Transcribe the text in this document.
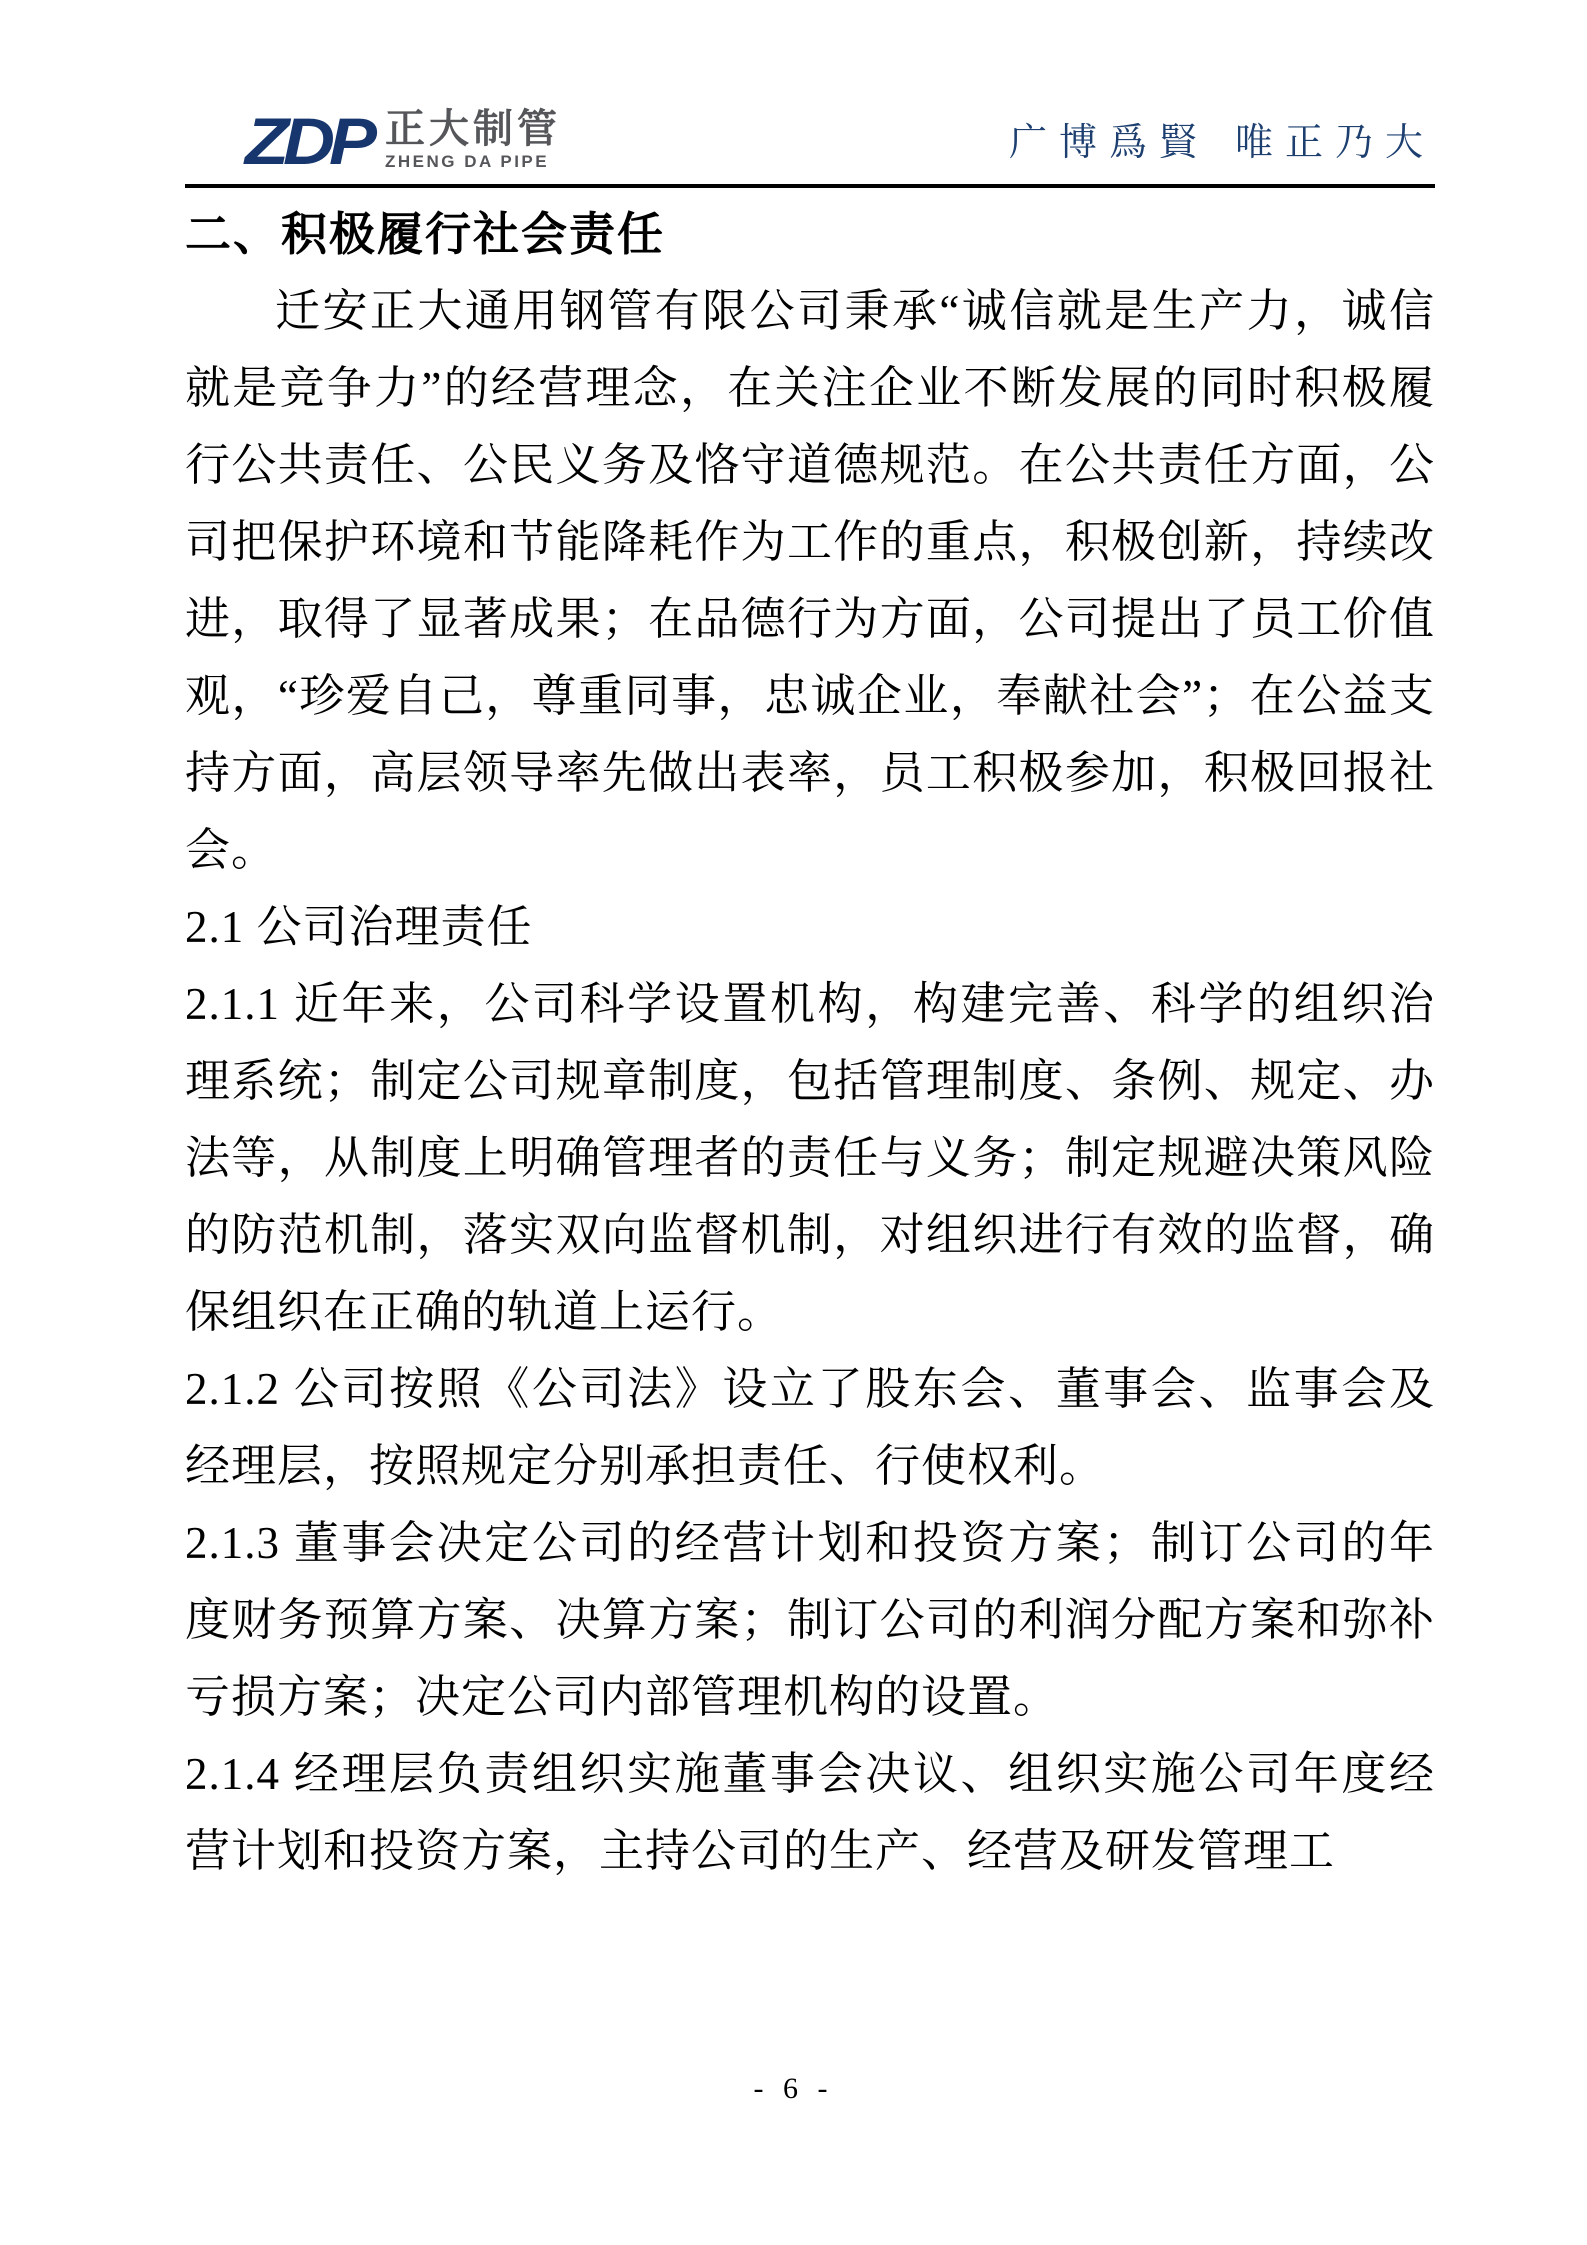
ZDP 正大制管
ZHENG DA PIPE	广博爲賢 唯正乃大
二、积极履行社会责任

迁安正大通用钢管有限公司秉承“诚信就是生产力，诚信就是竞争力”的经营理念，在关注企业不断发展的同时积极履行公共责任、公民义务及恪守道德规范。在公共责任方面，公司把保护环境和节能降耗作为工作的重点，积极创新，持续改进，取得了显著成果；在品德行为方面，公司提出了员工价值观，“珍爱自己，尊重同事，忠诚企业，奉献社会”；在公益支持方面，高层领导率先做出表率，员工积极参加，积极回报社会。

2.1 公司治理责任

2.1.1 近年来，公司科学设置机构，构建完善、科学的组织治理系统；制定公司规章制度，包括管理制度、条例、规定、办法等，从制度上明确管理者的责任与义务；制定规避决策风险的防范机制，落实双向监督机制，对组织进行有效的监督，确保组织在正确的轨道上运行。

2.1.2 公司按照《公司法》设立了股东会、董事会、监事会及经理层，按照规定分别承担责任、行使权利。

2.1.3 董事会决定公司的经营计划和投资方案；制订公司的年度财务预算方案、决算方案；制订公司的利润分配方案和弥补亏损方案；决定公司内部管理机构的设置。

2.1.4 经理层负责组织实施董事会决议、组织实施公司年度经营计划和投资方案，主持公司的生产、经营及研发管理工

- 6 -
